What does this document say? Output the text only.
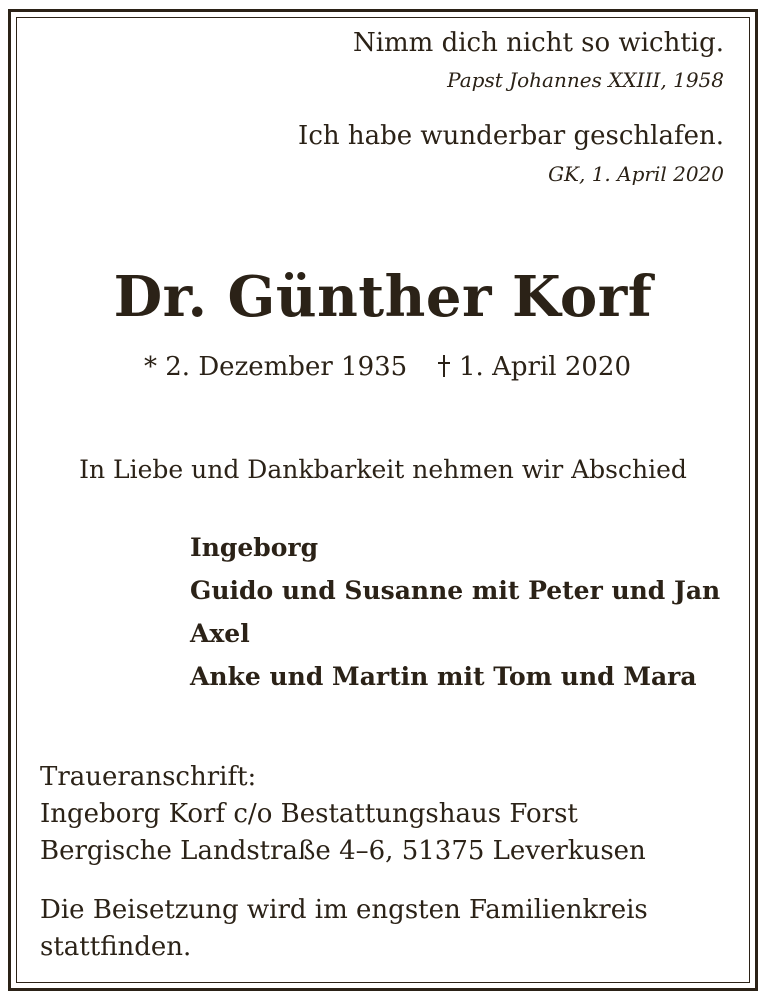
Nimm dich nicht so wichtig.
Papst Johannes XXIII, 1958
Ich habe wunderbar geschlafen.
GK, 1. April 2020
Dr. Günther Korf
* 2. Dezember 1935	1. April 2020
In Liebe und Dankbarkeit nehmen wir Abschied
Ingeborg
Guido und Susanne mit Peter und Jan
Axel
Anke und Martin mit Tom und Mara
Traueranschrift:
Ingeborg Korf c/o Bestattungshaus Forst
Bergische Landstraße 4–6, 51375 Leverkusen
Die Beisetzung wird im engsten Familienkreis
stattfinden.
